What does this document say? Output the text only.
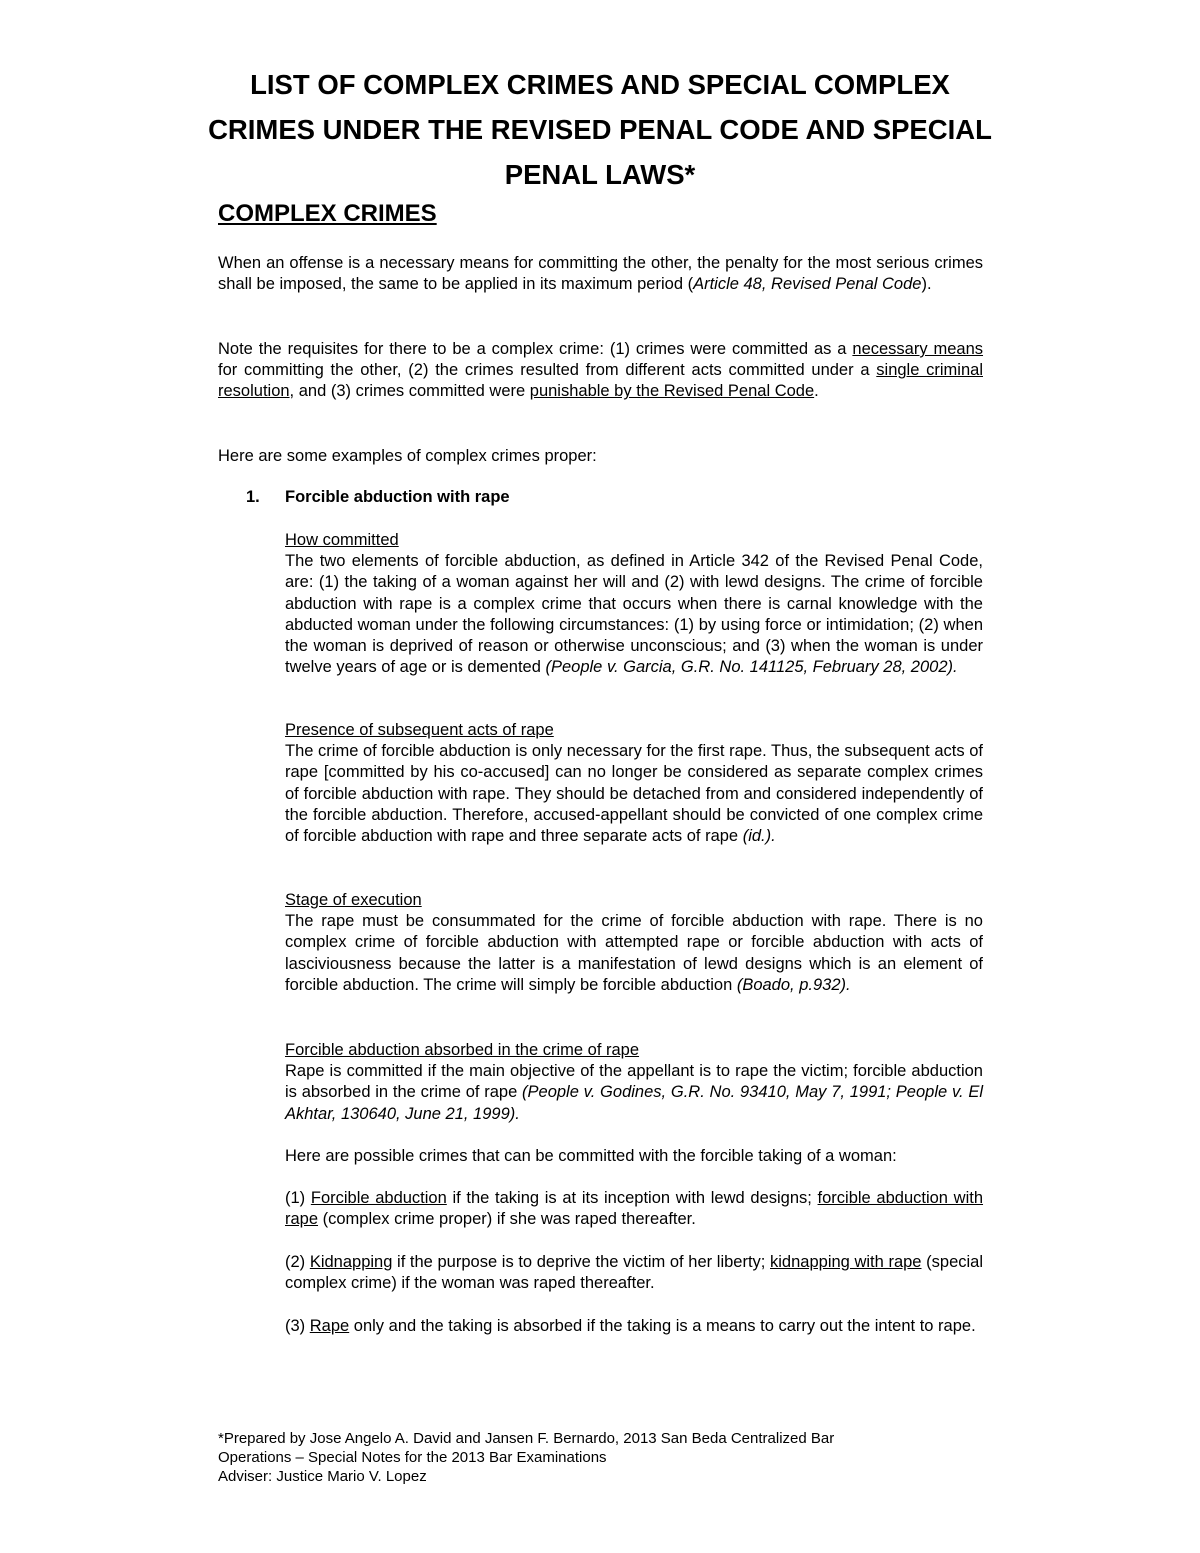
LIST OF COMPLEX CRIMES AND SPECIAL COMPLEX CRIMES UNDER THE REVISED PENAL CODE AND SPECIAL PENAL LAWS*
COMPLEX CRIMES

When an offense is a necessary means for committing the other, the penalty for the most serious crimes shall be imposed, the same to be applied in its maximum period (Article 48, Revised Penal Code).

Note the requisites for there to be a complex crime: (1) crimes were committed as a necessary means for committing the other, (2) the crimes resulted from different acts committed under a single criminal resolution, and (3) crimes committed were punishable by the Revised Penal Code.

Here are some examples of complex crimes proper:

1. Forcible abduction with rape

How committed
The two elements of forcible abduction, as defined in Article 342 of the Revised Penal Code, are: (1) the taking of a woman against her will and (2) with lewd designs. The crime of forcible abduction with rape is a complex crime that occurs when there is carnal knowledge with the abducted woman under the following circumstances: (1) by using force or intimidation; (2) when the woman is deprived of reason or otherwise unconscious; and (3) when the woman is under twelve years of age or is demented (People v. Garcia, G.R. No. 141125, February 28, 2002).

Presence of subsequent acts of rape
The crime of forcible abduction is only necessary for the first rape. Thus, the subsequent acts of rape [committed by his co-accused] can no longer be considered as separate complex crimes of forcible abduction with rape. They should be detached from and considered independently of the forcible abduction. Therefore, accused-appellant should be convicted of one complex crime of forcible abduction with rape and three separate acts of rape (id.).

Stage of execution
The rape must be consummated for the crime of forcible abduction with rape. There is no complex crime of forcible abduction with attempted rape or forcible abduction with acts of lasciviousness because the latter is a manifestation of lewd designs which is an element of forcible abduction. The crime will simply be forcible abduction (Boado, p.932).

Forcible abduction absorbed in the crime of rape
Rape is committed if the main objective of the appellant is to rape the victim; forcible abduction is absorbed in the crime of rape (People v. Godines, G.R. No. 93410, May 7, 1991; People v. El Akhtar, 130640, June 21, 1999).

Here are possible crimes that can be committed with the forcible taking of a woman:

(1) Forcible abduction if the taking is at its inception with lewd designs; forcible abduction with rape (complex crime proper) if she was raped thereafter.

(2) Kidnapping if the purpose is to deprive the victim of her liberty; kidnapping with rape (special complex crime) if the woman was raped thereafter.

(3) Rape only and the taking is absorbed if the taking is a means to carry out the intent to rape.

*Prepared by Jose Angelo A. David and Jansen F. Bernardo, 2013 San Beda Centralized Bar
Operations – Special Notes for the 2013 Bar Examinations
Adviser: Justice Mario V. Lopez
